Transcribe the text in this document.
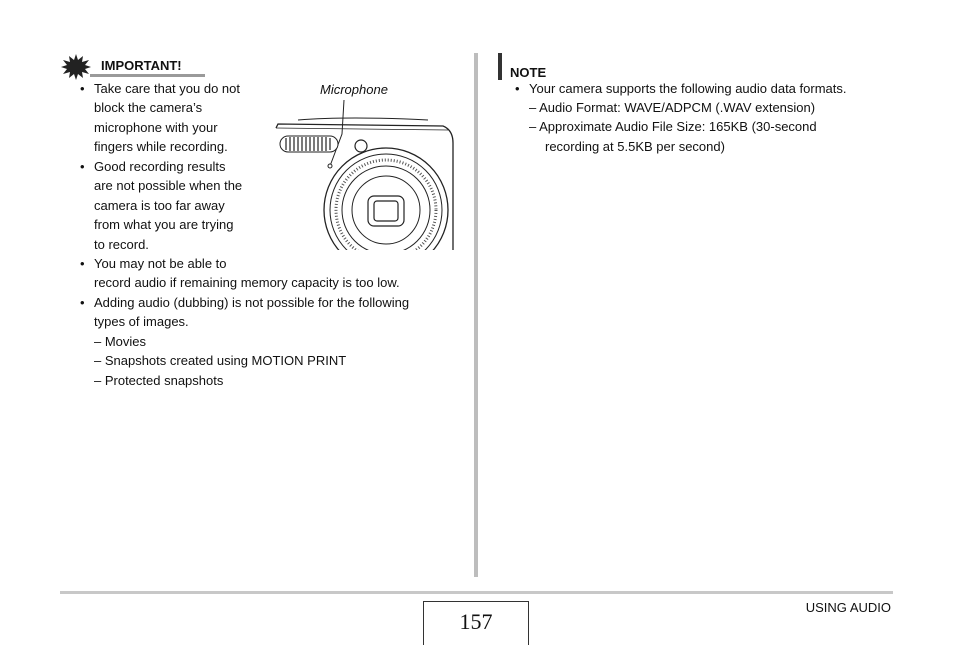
IMPORTANT!
• Take care that you do not
block the camera’s
microphone with your
fingers while recording.
• Good recording results
are not possible when the
camera is too far away
from what you are trying
to record.
• You may not be able to
record audio if remaining memory capacity is too low.
• Adding audio (dubbing) is not possible for the following
types of images.
– Movies
– Snapshots created using MOTION PRINT
– Protected snapshots
Microphone
NOTE
• Your camera supports the following audio data formats.
– Audio Format: WAVE/ADPCM (.WAV extension)
– Approximate Audio File Size: 165KB (30-second
recording at 5.5KB per second)
157
USING AUDIO
